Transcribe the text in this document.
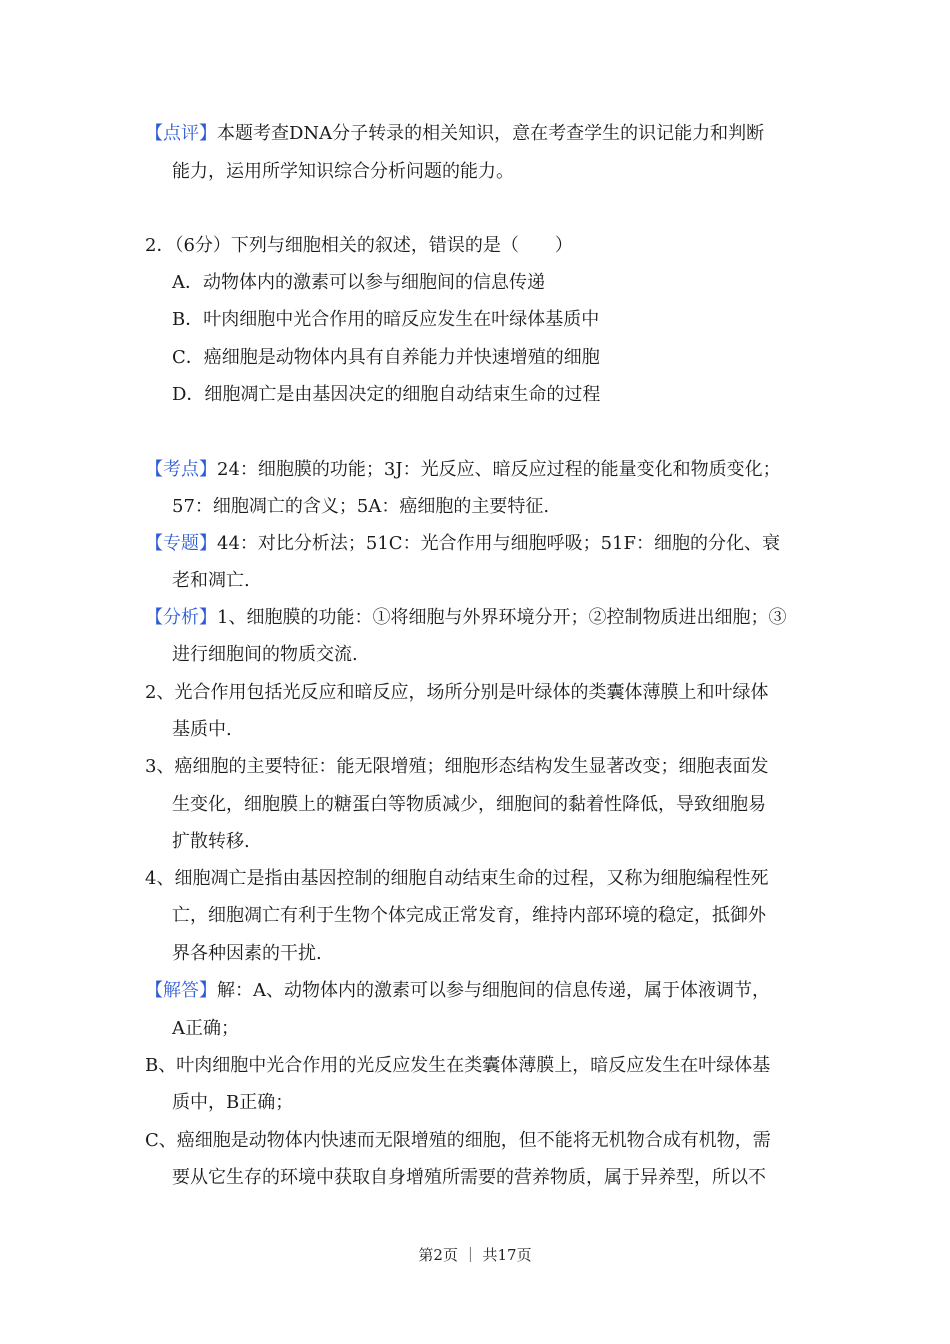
【点评】本题考查DNA分子转录的相关知识，意在考查学生的识记能力和判断
能力，运用所学知识综合分析问题的能力。
2．（6分）下列与细胞相关的叙述，错误的是（　　）
A．动物体内的激素可以参与细胞间的信息传递
B．叶肉细胞中光合作用的暗反应发生在叶绿体基质中
C．癌细胞是动物体内具有自养能力并快速增殖的细胞
D．细胞凋亡是由基因决定的细胞自动结束生命的过程
【考点】24：细胞膜的功能；3J：光反应、暗反应过程的能量变化和物质变化；
57：细胞凋亡的含义；5A：癌细胞的主要特征.
【专题】44：对比分析法；51C：光合作用与细胞呼吸；51F：细胞的分化、衰
老和凋亡.
【分析】1、细胞膜的功能：①将细胞与外界环境分开；②控制物质进出细胞；③
进行细胞间的物质交流.
2、光合作用包括光反应和暗反应，场所分别是叶绿体的类囊体薄膜上和叶绿体
基质中.
3、癌细胞的主要特征：能无限增殖；细胞形态结构发生显著改变；细胞表面发
生变化，细胞膜上的糖蛋白等物质减少，细胞间的黏着性降低，导致细胞易
扩散转移.
4、细胞凋亡是指由基因控制的细胞自动结束生命的过程，又称为细胞编程性死
亡，细胞凋亡有利于生物个体完成正常发育，维持内部环境的稳定，抵御外
界各种因素的干扰.
【解答】解：A、动物体内的激素可以参与细胞间的信息传递，属于体液调节，
A正确；
B、叶肉细胞中光合作用的光反应发生在类囊体薄膜上，暗反应发生在叶绿体基
质中，B正确；
C、癌细胞是动物体内快速而无限增殖的细胞，但不能将无机物合成有机物，需
要从它生存的环境中获取自身增殖所需要的营养物质，属于异养型，所以不
第2页 ｜ 共17页
